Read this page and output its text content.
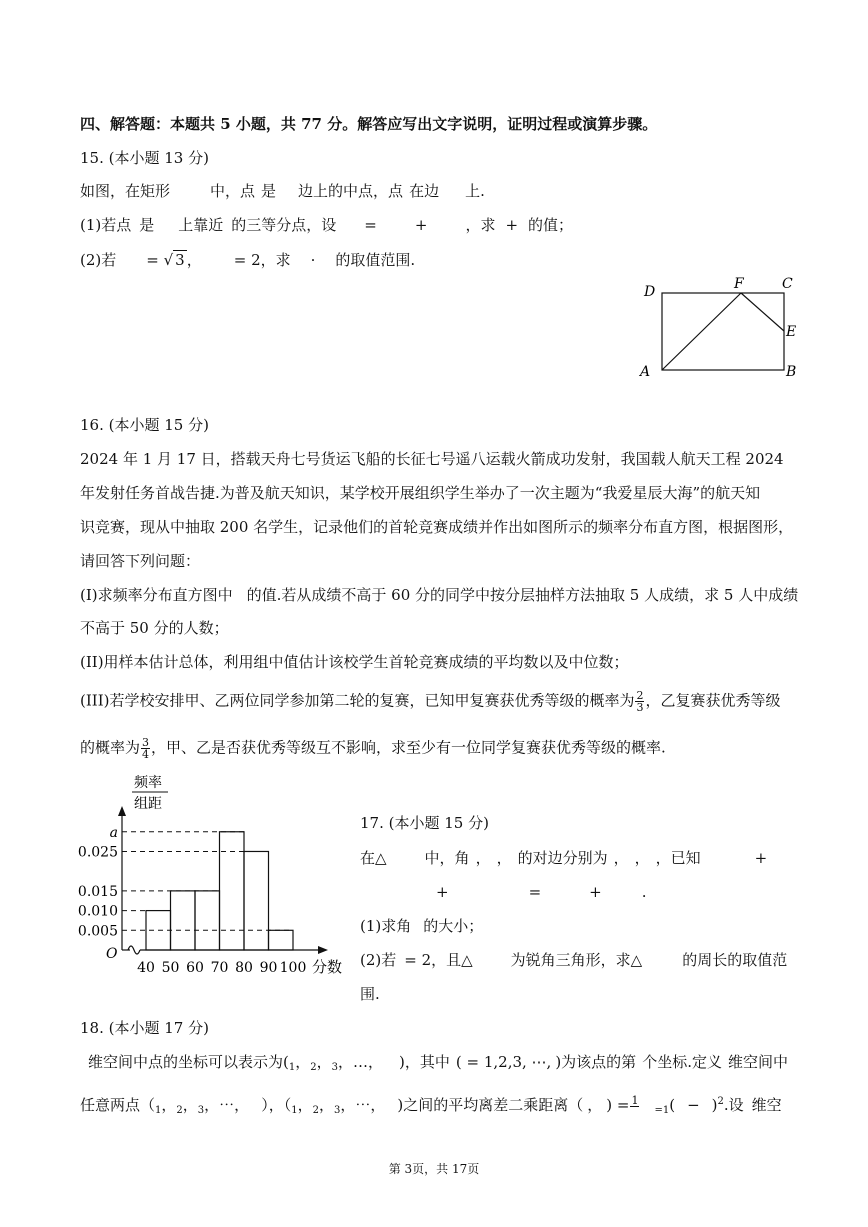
四、解答题：本题共 5 小题，共 77 分。解答应写出文字说明，证明过程或演算步骤。
15. (本小题 13 分)
如图，在矩形	中，点 是 边上的中点，点 在边 上.
(1)若点 是 上靠近 的三等分点，设 =	+	，求 + 的值；
(2)若 = √ 3 ， = 2，求 · 的取值范围.
D	F	C
E
A	B
16. (本小题 15 分)
2024 年 1 月 17 日，搭载天舟七号货运飞船的长征七号遥八运载火箭成功发射，我国载人航天工程 2024
年发射任务首战告捷.为普及航天知识，某学校开展组织学生举办了一次主题为“我爱星辰大海”的航天知
识竞赛，现从中抽取 200 名学生，记录他们的首轮竞赛成绩并作出如图所示的频率分布直方图，根据图形，
请回答下列问题：
(I)求频率分布直方图中 的值.若从成绩不高于 60 分的同学中按分层抽样方法抽取 5 人成绩，求 5 人中成绩
不高于 50 分的人数；
(II)用样本估计总体，利用组中值估计该校学生首轮竞赛成绩的平均数以及中位数；
(III)若学校安排甲、乙两位同学参加第二轮的复赛，已知甲复赛获优秀等级的概率为 $\frac{2}{3}$ ，乙复赛获优秀等级
的概率为 $\frac{3}{4}$ ，甲、乙是否获优秀等级互不影响，求至少有一位同学复赛获优秀等级的概率.
频率
组距
O
分数
40 50 60 70 80 90 100
0.005
0.010
0.015
0.025
a
17. (本小题 15 分)
在△	中，角 ， ， 的对边分别为 ， ， ，已知	+
+	=	+	.
(1)求角 的大小；
(2)若 = 2，且△	为锐角三角形，求△	的周长的取值范
围.
18. (本小题 17 分)
维空间中点的坐标可以表示为($_1$，$_2$，$_3$，…， )，其中 ( = 1,2,3, ⋯, )为该点的第 个坐标.定义 维空间中
任意两点（$_1$，$_2$，$_3$，⋯， ），（$_1$，$_2$，$_3$，⋯， )之间的平均离差二乘距离（ ， ) = 1
$_{=1}( - )^2$.设 维空
第 3页，共 17页
